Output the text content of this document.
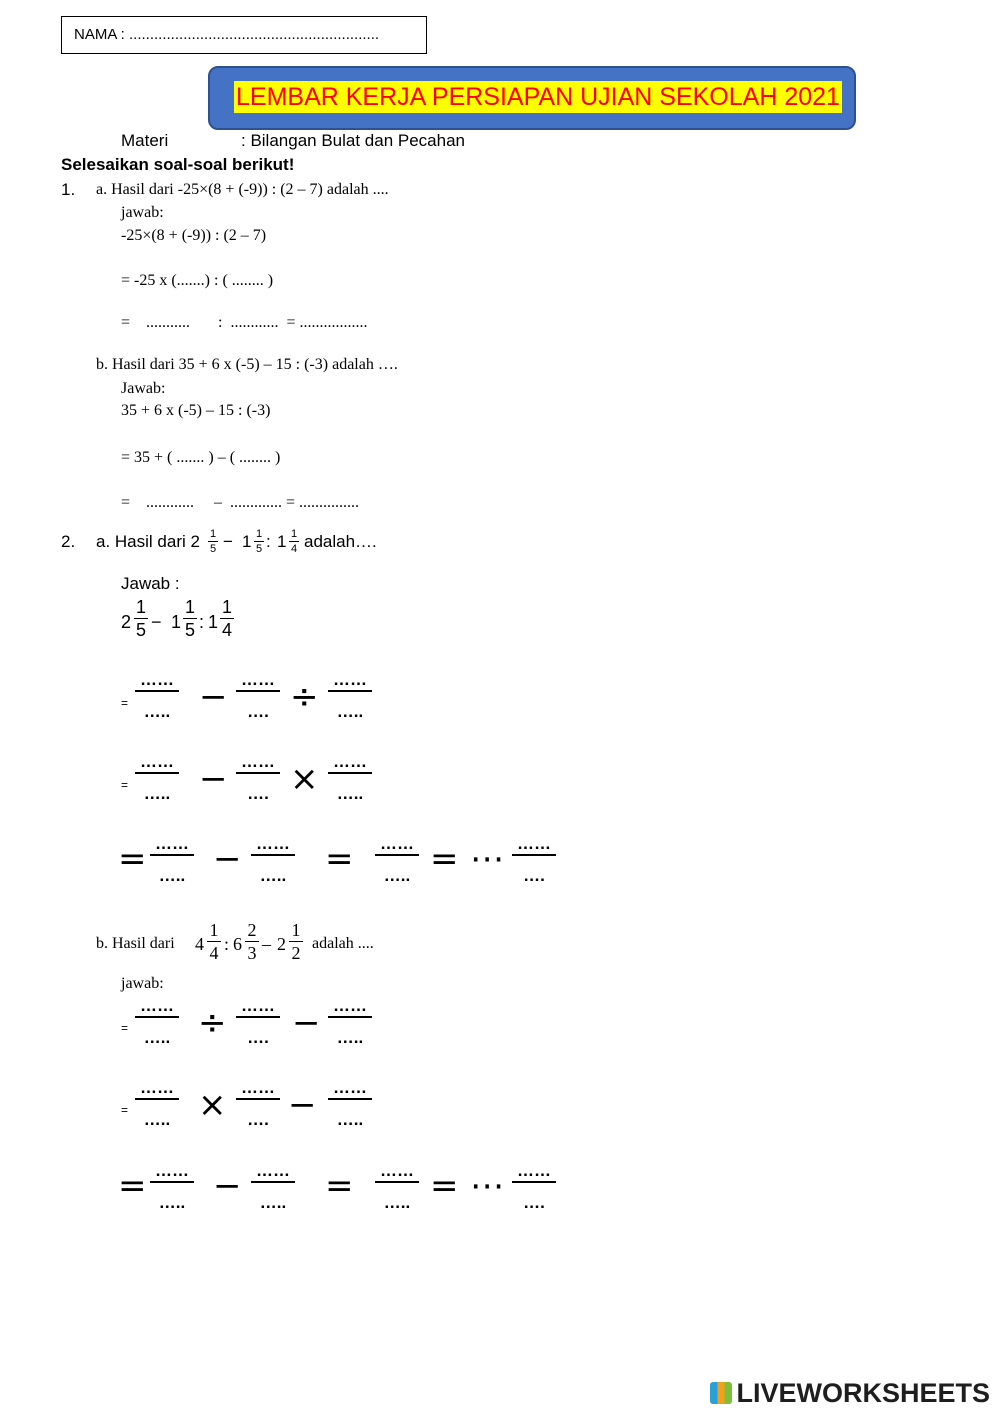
NAMA : ............................................................
LEMBAR KERJA PERSIAPAN UJIAN SEKOLAH 2021
Materi	: Bilangan Bulat dan Pecahan
Selesaikan soal-soal berikut!
1. a. Hasil dari -25×(8 + (-9)) : (2 – 7) adalah ....
jawab:
-25×(8 + (-9)) : (2 – 7)
= -25 x (.......) : ( ........ )
=    ...........       :  ............  = .................
b. Hasil dari 35 + 6 x (-5) – 15 : (-3) adalah ….
Jawab:
35 + 6 x (-5) – 15 : (-3)
= 35 + ( ....... ) – ( ........ )
=    ............     –  ............. = ...............
2. a. Hasil dari 2 1
5 − 1 1
5 : 1 1
4 adalah….
Jawab :
2
1
5 − 1
1
5 : 1
1
4
=
……
….. − ……
…. ÷ ……
…..
=
……
….. − ……
…. × ……
…..
= ……
….. − ……
….. = ……
….. = ⋯ ……
….
b. Hasil dari 4
1
4 : 6
2
3 – 2
1
2 adalah ....
jawab:
=
……
….. ÷ ……
…. − ……
…..
=
……
….. × ……
…. − ……
…..
= ……
….. − ……
….. = ……
….. = ⋯ ……
….
LIVEWORKSHEETS
